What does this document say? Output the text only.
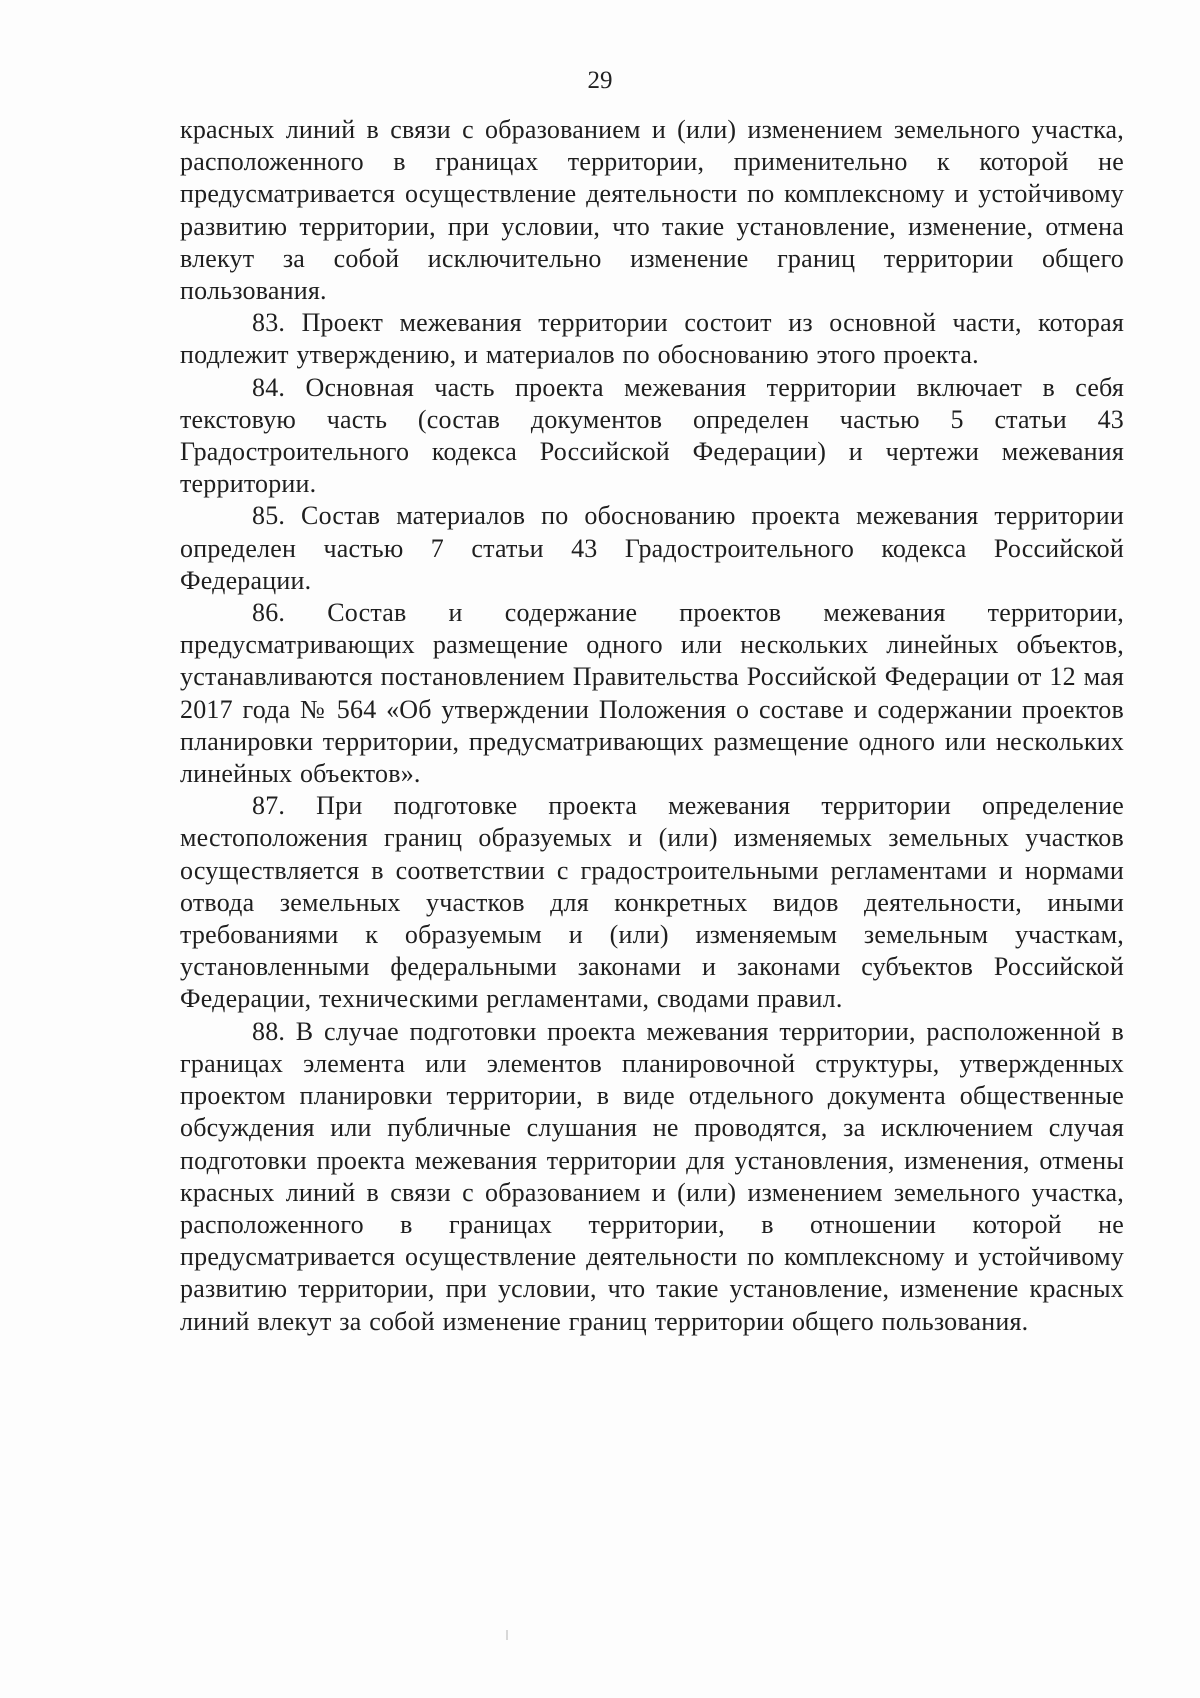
29

красных линий в связи с образованием и (или) изменением земельного участка, расположенного в границах территории, применительно к которой не предусматривается осуществление деятельности по комплексному и устойчивому развитию территории, при условии, что такие установление, изменение, отмена влекут за собой исключительно изменение границ территории общего пользования.

83. Проект межевания территории состоит из основной части, которая подлежит утверждению, и материалов по обоснованию этого проекта.

84. Основная часть проекта межевания территории включает в себя текстовую часть (состав документов определен частью 5 статьи 43 Градостроительного кодекса Российской Федерации) и чертежи межевания территории.

85. Состав материалов по обоснованию проекта межевания территории определен частью 7 статьи 43 Градостроительного кодекса Российской Федерации.

86. Состав и содержание проектов межевания территории, предусматривающих размещение одного или нескольких линейных объектов, устанавливаются постановлением Правительства Российской Федерации от 12 мая 2017 года № 564 «Об утверждении Положения о составе и содержании проектов планировки территории, предусматривающих размещение одного или нескольких линейных объектов».

87. При подготовке проекта межевания территории определение местоположения границ образуемых и (или) изменяемых земельных участков осуществляется в соответствии с градостроительными регламентами и нормами отвода земельных участков для конкретных видов деятельности, иными требованиями к образуемым и (или) изменяемым земельным участкам, установленными федеральными законами и законами субъектов Российской Федерации, техническими регламентами, сводами правил.

88. В случае подготовки проекта межевания территории, расположенной в границах элемента или элементов планировочной структуры, утвержденных проектом планировки территории, в виде отдельного документа общественные обсуждения или публичные слушания не проводятся, за исключением случая подготовки проекта межевания территории для установления, изменения, отмены красных линий в связи с образованием и (или) изменением земельного участка, расположенного в границах территории, в отношении которой не предусматривается осуществление деятельности по комплексному и устойчивому развитию территории, при условии, что такие установление, изменение красных линий влекут за собой изменение границ территории общего пользования.
